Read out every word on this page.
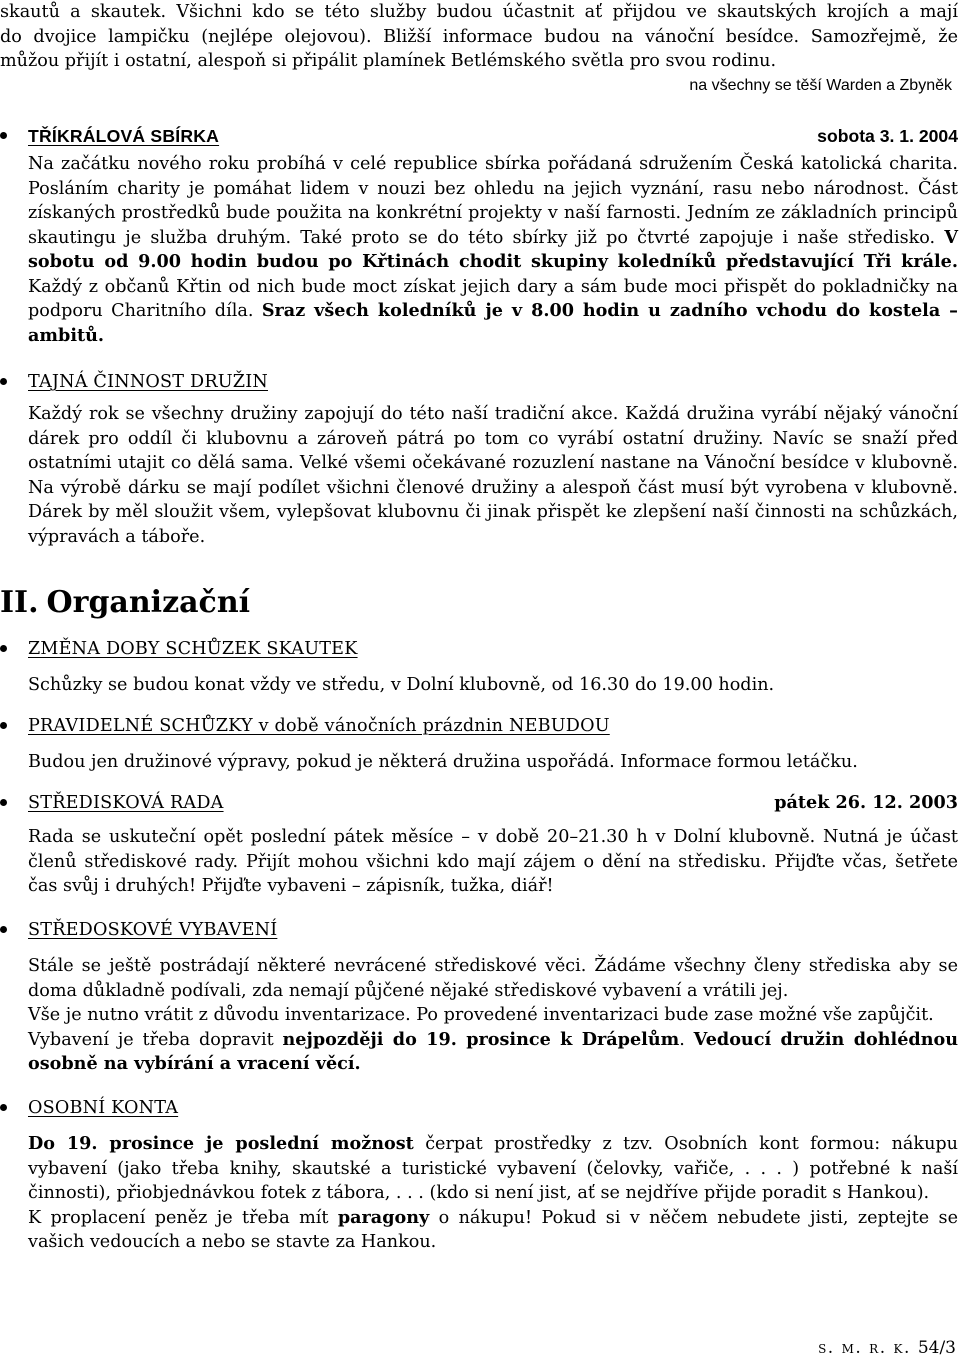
skautů a skautek. Všichni kdo se této služby budou účastnit ať přijdou ve skautských krojích a mají

do dvojice lampičku (nejlépe olejovou). Bližší informace budou na vánoční besídce. Samozřejmě, že

můžou přijít i ostatní, alespoň si připálit plamínek Betlémského světla pro svou rodinu.

na všechny se těší Warden a Zbyněk
TŘÍKRÁLOVÁ SBÍRKA	sobota 3. 1. 2004

Na začátku nového roku probíhá v celé republice sbírka pořádaná sdružením Česká katolická charita. Posláním charity je pomáhat lidem v nouzi bez ohledu na jejich vyznání, rasu nebo národnost. Část získaných prostředků bude použita na konkrétní projekty v naší farnosti. Jedním ze základních principů skautingu je služba druhým. Také proto se do této sbírky již po čtvrté zapojuje i naše středisko. V sobotu od 9.00 hodin budou po Křtinách chodit skupiny koledníků představující Tři krále. Každý z občanů Křtin od nich bude moct získat jejich dary a sám bude moci přispět do pokladničky na podporu Charitního díla. Sraz všech koledníků je v 8.00 hodin u zadního vchodu do kostela – ambitů.

TAJNÁ ČINNOST DRUŽIN

Každý rok se všechny družiny zapojují do této naší tradiční akce. Každá družina vyrábí nějaký vánoční dárek pro oddíl či klubovnu a zároveň pátrá po tom co vyrábí ostatní družiny. Navíc se snaží před ostatními utajit co dělá sama. Velké všemi očekávané rozuzlení nastane na Vánoční besídce v klubovně. Na výrobě dárku se mají podílet všichni členové družiny a alespoň část musí být vyrobena v klubovně. Dárek by měl sloužit všem, vylepšovat klubovnu či jinak přispět ke zlepšení naší činnosti na schůzkách, výpravách a táboře.

II. Organizační
ZMĚNA DOBY SCHŮZEK SKAUTEK

Schůzky se budou konat vždy ve středu, v Dolní klubovně, od 16.30 do 19.00 hodin.

PRAVIDELNÉ SCHŮZKY v době vánočních prázdnin NEBUDOU

Budou jen družinové výpravy, pokud je některá družina uspořádá. Informace formou letáčku.

STŘEDISKOVÁ RADA	pátek 26. 12. 2003

Rada se uskuteční opět poslední pátek měsíce – v době 20–21.30 h v Dolní klubovně. Nutná je účast členů střediskové rady. Přijít mohou všichni kdo mají zájem o dění na středisku. Přijďte včas, šetřete čas svůj i druhých! Přijďte vybaveni – zápisník, tužka, diář!

STŘEDOSKOVÉ VYBAVENÍ

Stále se ještě postrádají některé nevrácené střediskové věci. Žádáme všechny členy střediska aby se doma důkladně podívali, zda nemají půjčené nějaké střediskové vybavení a vrátili jej.

Vše je nutno vrátit z důvodu inventarizace. Po provedené inventarizaci bude zase možné vše zapůjčit.

Vybavení je třeba dopravit nejpozději do 19. prosince k Drápelům. Vedoucí družin dohlédnou osobně na vybírání a vracení věcí.

OSOBNÍ KONTA

Do 19. prosince je poslední možnost čerpat prostředky z tzv. Osobních kont formou: nákupu vybavení (jako třeba knihy, skautské a turistické vybavení (čelovky, vařiče, . . . ) potřebné k naší činnosti), přiobjednávkou fotek z tábora, . . . (kdo si není jist, ať se nejdříve přijde poradit s Hankou).

K proplacení peněz je třeba mít paragony o nákupu! Pokud si v něčem nebudete jisti, zeptejte se vašich vedoucích a nebo se stavte za Hankou.

s. m. r. k. 54/3
